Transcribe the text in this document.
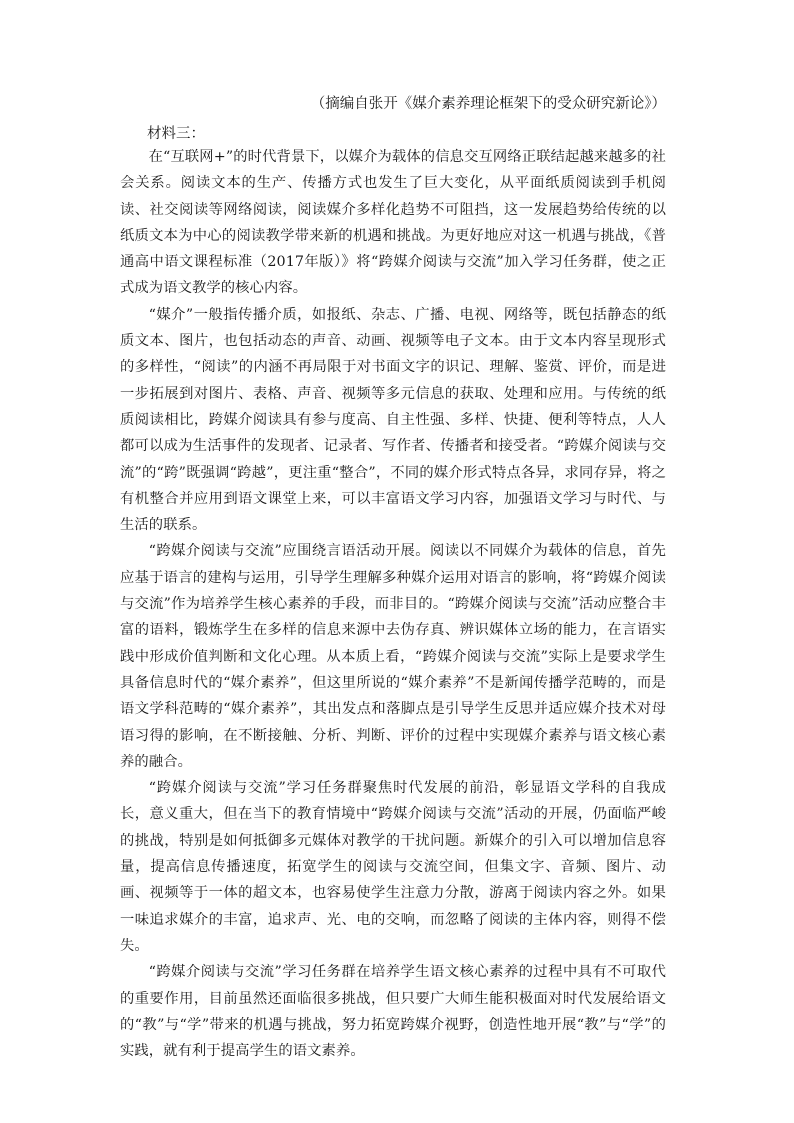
（摘编自张开《媒介素养理论框架下的受众研究新论》）
材料三：

在“互联网+”的时代背景下，以媒介为载体的信息交互网络正联结起越来越多的社会关系。阅读文本的生产、传播方式也发生了巨大变化，从平面纸质阅读到手机阅读、社交阅读等网络阅读，阅读媒介多样化趋势不可阻挡，这一发展趋势给传统的以纸质文本为中心的阅读教学带来新的机遇和挑战。为更好地应对这一机遇与挑战，《普通高中语文课程标准（2017年版）》将“跨媒介阅读与交流”加入学习任务群，使之正式成为语文教学的核心内容。

“媒介”一般指传播介质，如报纸、杂志、广播、电视、网络等，既包括静态的纸质文本、图片，也包括动态的声音、动画、视频等电子文本。由于文本内容呈现形式的多样性，“阅读”的内涵不再局限于对书面文字的识记、理解、鉴赏、评价，而是进一步拓展到对图片、表格、声音、视频等多元信息的获取、处理和应用。与传统的纸质阅读相比，跨媒介阅读具有参与度高、自主性强、多样、快捷、便利等特点，人人都可以成为生活事件的发现者、记录者、写作者、传播者和接受者。“跨媒介阅读与交流”的“跨”既强调“跨越”，更注重“整合”，不同的媒介形式特点各异，求同存异，将之有机整合并应用到语文课堂上来，可以丰富语文学习内容，加强语文学习与时代、与生活的联系。

“跨媒介阅读与交流”应围绕言语活动开展。阅读以不同媒介为载体的信息，首先应基于语言的建构与运用，引导学生理解多种媒介运用对语言的影响，将“跨媒介阅读与交流”作为培养学生核心素养的手段，而非目的。“跨媒介阅读与交流”活动应整合丰富的语料，锻炼学生在多样的信息来源中去伪存真、辨识媒体立场的能力，在言语实践中形成价值判断和文化心理。从本质上看，“跨媒介阅读与交流”实际上是要求学生具备信息时代的“媒介素养”，但这里所说的“媒介素养”不是新闻传播学范畴的，而是语文学科范畴的“媒介素养”，其出发点和落脚点是引导学生反思并适应媒介技术对母语习得的影响，在不断接触、分析、判断、评价的过程中实现媒介素养与语文核心素养的融合。

“跨媒介阅读与交流”学习任务群聚焦时代发展的前沿，彰显语文学科的自我成长，意义重大，但在当下的教育情境中“跨媒介阅读与交流”活动的开展，仍面临严峻的挑战，特别是如何抵御多元媒体对教学的干扰问题。新媒介的引入可以增加信息容量，提高信息传播速度，拓宽学生的阅读与交流空间，但集文字、音频、图片、动画、视频等于一体的超文本，也容易使学生注意力分散，游离于阅读内容之外。如果一味追求媒介的丰富，追求声、光、电的交响，而忽略了阅读的主体内容，则得不偿失。

“跨媒介阅读与交流”学习任务群在培养学生语文核心素养的过程中具有不可取代的重要作用，目前虽然还面临很多挑战，但只要广大师生能积极面对时代发展给语文的“教”与“学”带来的机遇与挑战，努力拓宽跨媒介视野，创造性地开展“教”与“学”的实践，就有利于提高学生的语文素养。
